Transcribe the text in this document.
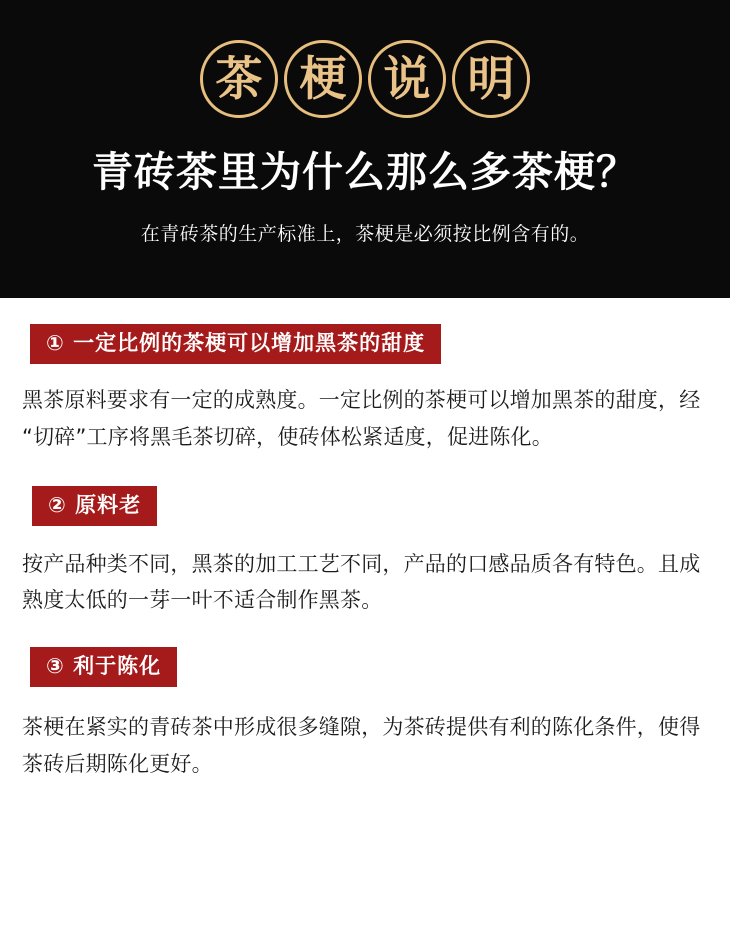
茶 梗 说 明
青砖茶里为什么那么多茶梗？
在青砖茶的生产标准上，茶梗是必须按比例含有的。
① 一定比例的茶梗可以增加黑茶的甜度
黑茶原料要求有一定的成熟度。一定比例的茶梗可以增加黑茶的甜度，经“切碎”工序将黑毛茶切碎，使砖体松紧适度，促进陈化。
② 原料老
按产品种类不同，黑茶的加工工艺不同，产品的口感品质各有特色。且成熟度太低的一芽一叶不适合制作黑茶。
③ 利于陈化
茶梗在紧实的青砖茶中形成很多缝隙，为茶砖提供有利的陈化条件，使得茶砖后期陈化更好。
